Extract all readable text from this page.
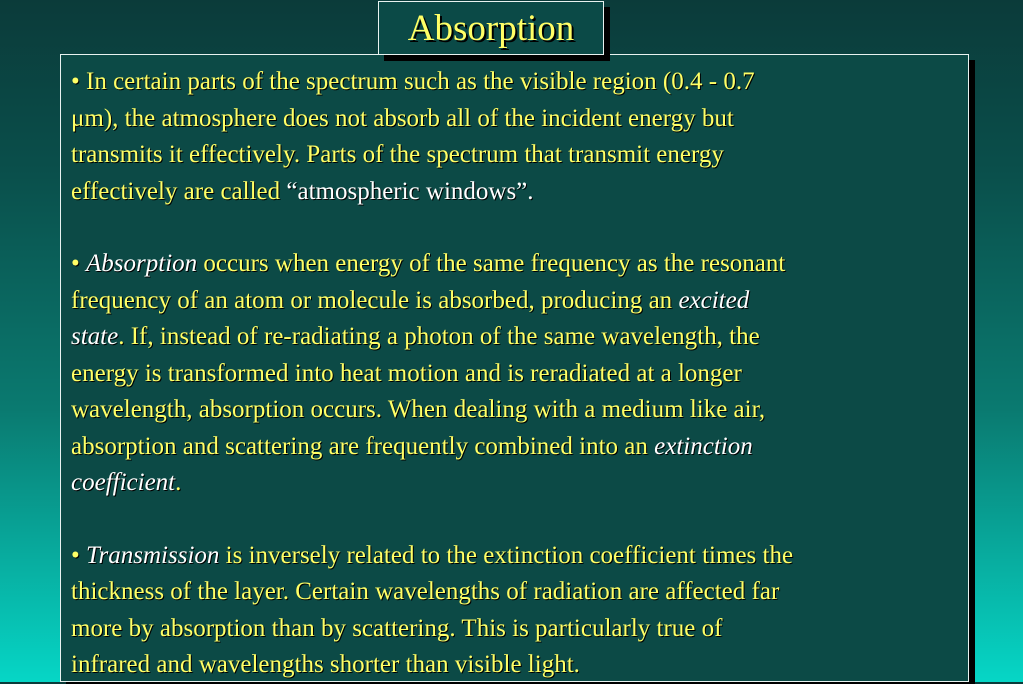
Absorption

• In certain parts of the spectrum such as the visible region (0.4 - 0.7
μm), the atmosphere does not absorb all of the incident energy but
transmits it effectively. Parts of the spectrum that transmit energy
effectively are called “atmospheric windows”.

• Absorption occurs when energy of the same frequency as the resonant
frequency of an atom or molecule is absorbed, producing an excited
state. If, instead of re-radiating a photon of the same wavelength, the
energy is transformed into heat motion and is reradiated at a longer
wavelength, absorption occurs. When dealing with a medium like air,
absorption and scattering are frequently combined into an extinction
coefficient.

• Transmission is inversely related to the extinction coefficient times the
thickness of the layer. Certain wavelengths of radiation are affected far
more by absorption than by scattering. This is particularly true of
infrared and wavelengths shorter than visible light.
